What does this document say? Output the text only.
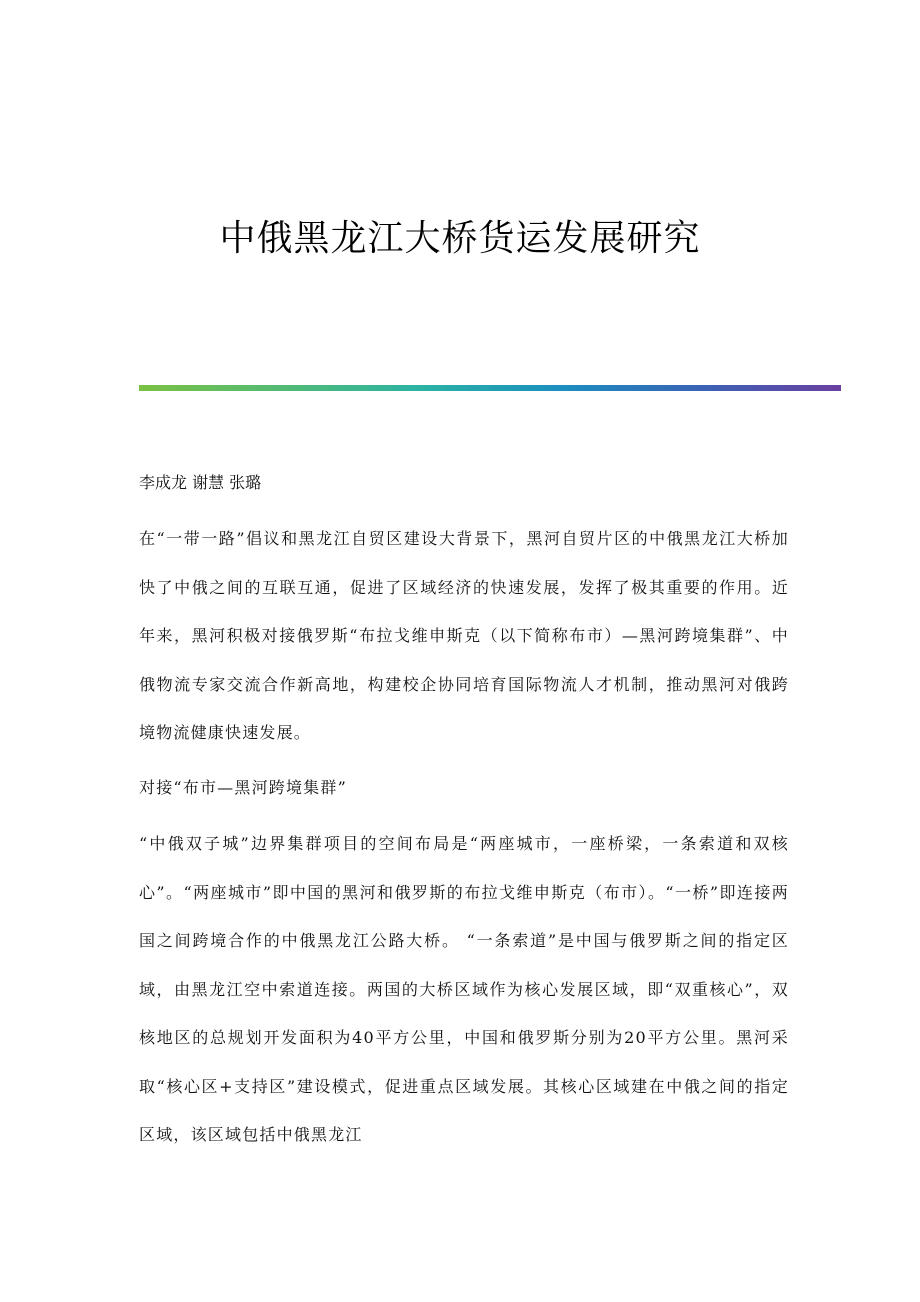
中俄黑龙江大桥货运发展研究

李成龙 谢慧 张璐

在“一带一路”倡议和黑龙江自贸区建设大背景下，黑河自贸片区的中俄黑龙江大桥加快了中俄之间的互联互通，促进了区域经济的快速发展，发挥了极其重要的作用。近年来，黑河积极对接俄罗斯“布拉戈维申斯克（以下简称布市）—黑河跨境集群”、中俄物流专家交流合作新高地，构建校企协同培育国际物流人才机制，推动黑河对俄跨境物流健康快速发展。

对接“布市—黑河跨境集群”

“中俄双子城”边界集群项目的空间布局是“两座城市，一座桥梁，一条索道和双核心”。“两座城市”即中国的黑河和俄罗斯的布拉戈维申斯克（布市）。“一桥”即连接两国之间跨境合作的中俄黑龙江公路大桥。 “一条索道”是中国与俄罗斯之间的指定区域，由黑龙江空中索道连接。两国的大桥区域作为核心发展区域，即“双重核心”，双核地区的总规划开发面积为40平方公里，中国和俄罗斯分别为20平方公里。黑河采取“核心区+支持区”建设模式，促进重点区域发展。其核心区域建在中俄之间的指定区域，该区域包括中俄黑龙江
